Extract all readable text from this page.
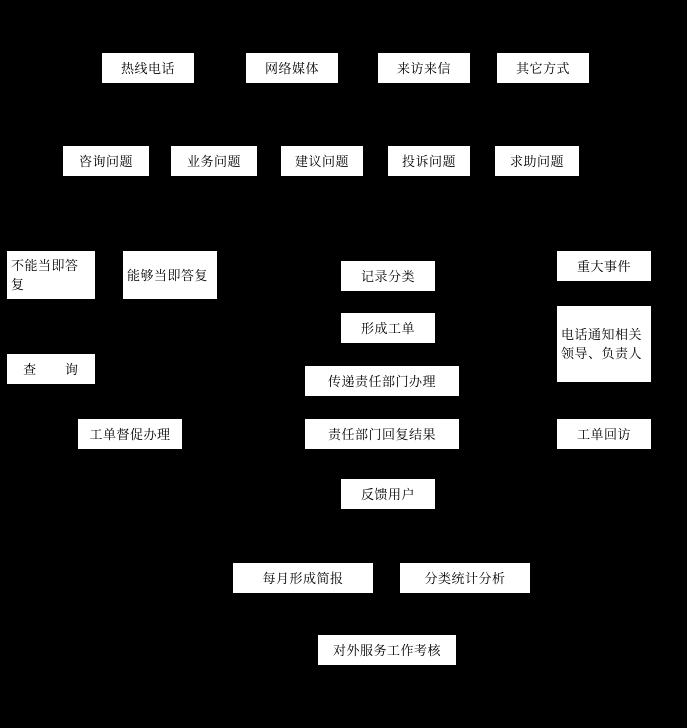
热线电话	网络媒体	来访来信	其它方式
咨询问题	业务问题	建议问题	投诉问题	求助问题
不能当即答复
能够当即答复	记录分类
重大事件
形成工单	电话通知相关领导、负责人
查      询
传递责任部门办理
工单督促办理	责任部门回复结果	工单回访
反馈用户
每月形成简报	分类统计分析
对外服务工作考核
